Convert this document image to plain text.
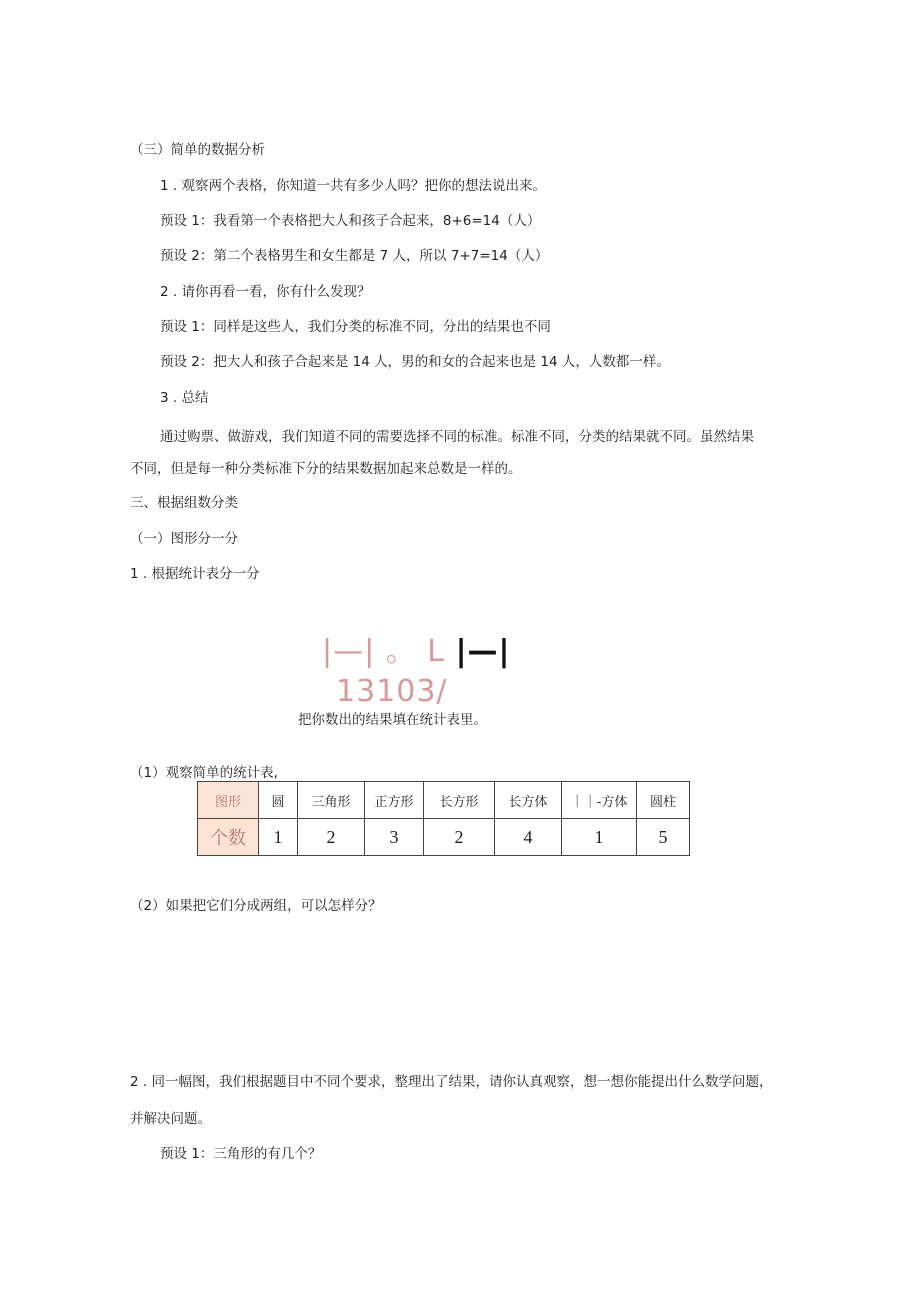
（三）简单的数据分析
1 . 观察两个表格，你知道一共有多少人吗？把你的想法说出来。
预设 1：我看第一个表格把大人和孩子合起来，8+6=14（人）
预设 2：第二个表格男生和女生都是 7 人，所以 7+7=14（人）
2 . 请你再看一看，你有什么发现？
预设 1：同样是这些人，我们分类的标准不同，分出的结果也不同
预设 2：把大人和孩子合起来是 14 人，男的和女的合起来也是 14 人，人数都一样。
3 . 总结
通过购票、做游戏，我们知道不同的需要选择不同的标准。标准不同，分类的结果就不同。虽然结果
不同，但是每一种分类标准下分的结果数据加起来总数是一样的。
三、根据组数分类
（一）图形分一分
1 . 根据统计表分一分
|—| 。 L |—| 13103/
把你数出的结果填在统计表里。
（1）观察简单的统计表,
图形	圆	三角形	正方形	长方形	长方体	｜｜-方体	圆柱
个数	1	2	3	2	4	1	5
（2）如果把它们分成两组，可以怎样分？
2 . 同一幅图，我们根据题目中不同个要求，整理出了结果，请你认真观察，想一想你能提出什么数学问题，
并解决问题。
预设 1：三角形的有几个？
